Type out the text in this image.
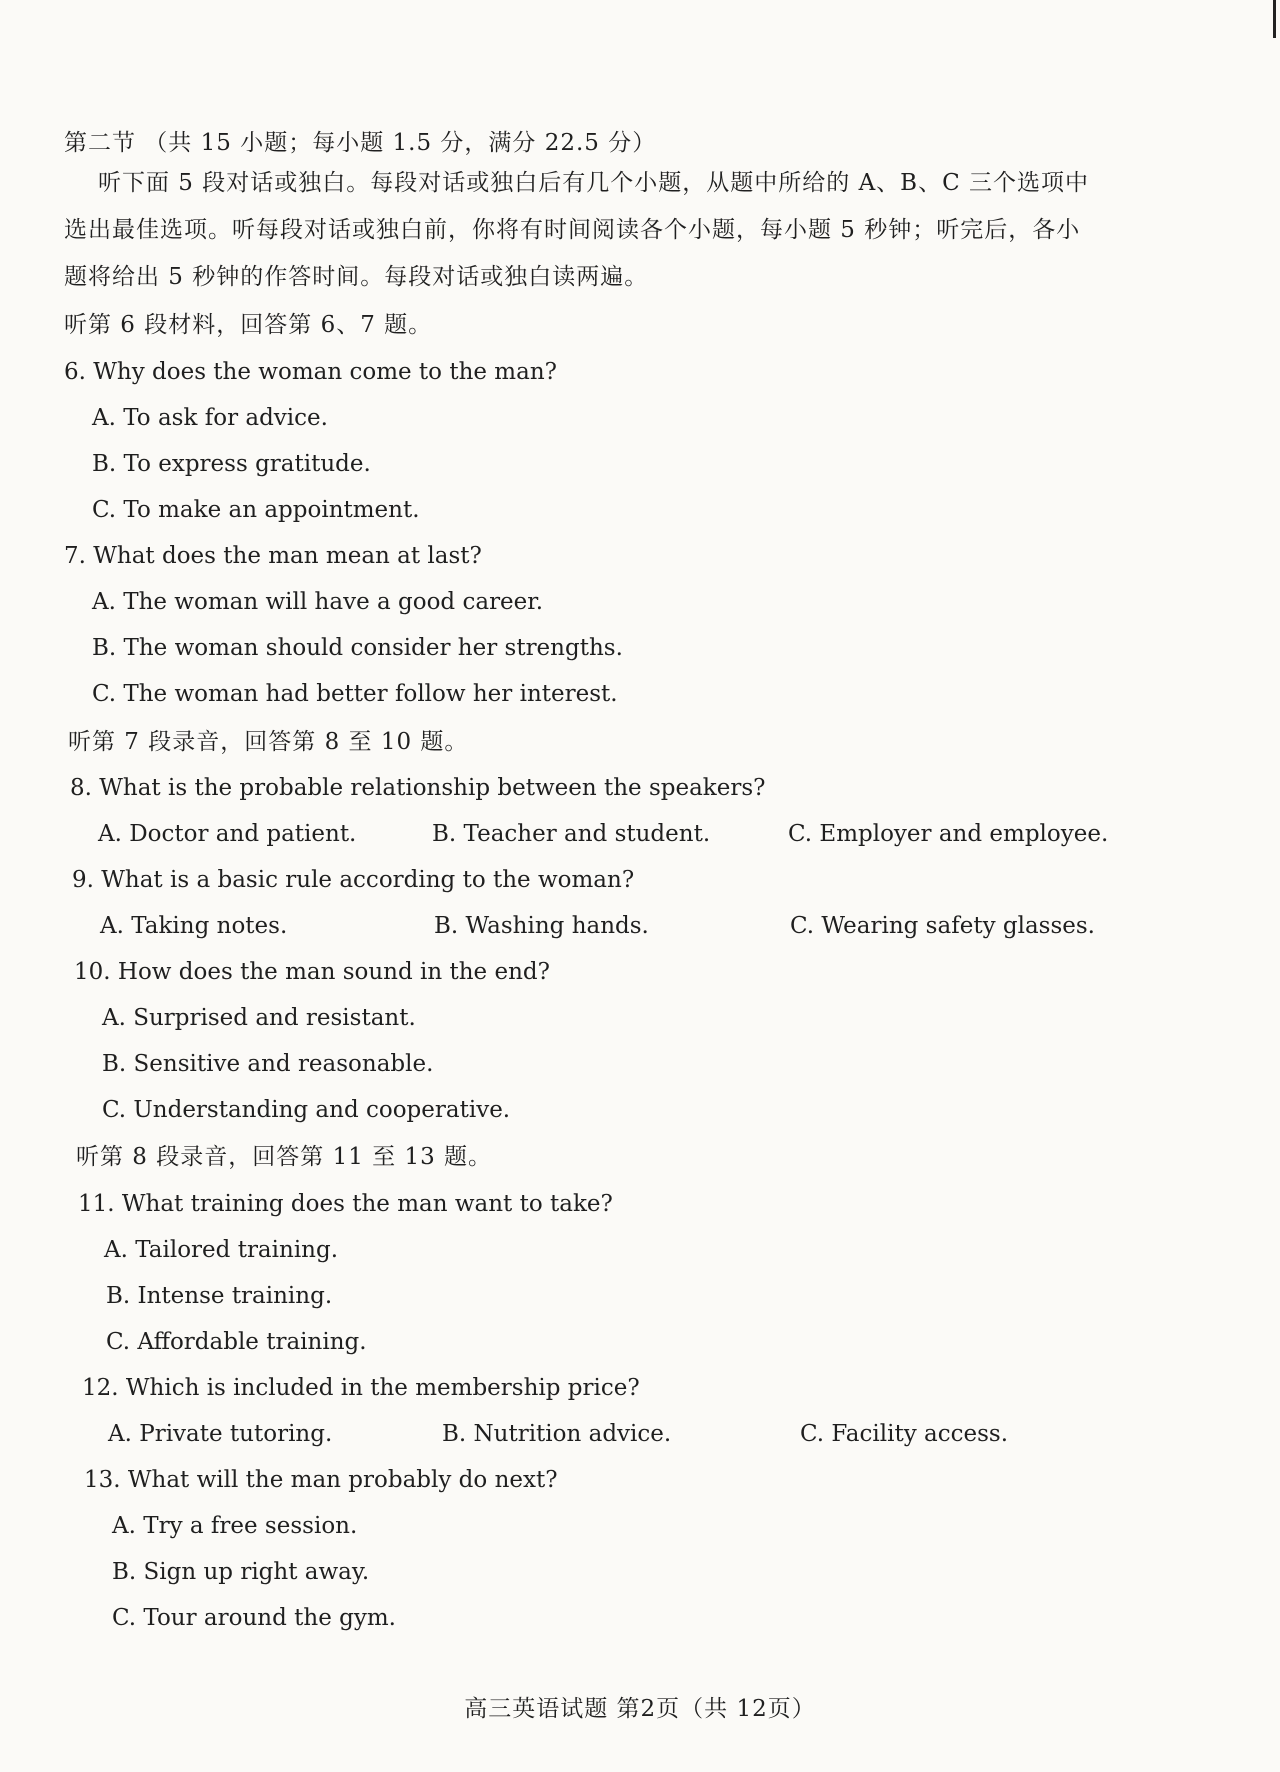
第二节 （共 15 小题；每小题 1.5 分，满分 22.5 分）
听下面 5 段对话或独白。每段对话或独白后有几个小题，从题中所给的 A、B、C 三个选项中选出最佳选项。听每段对话或独白前，你将有时间阅读各个小题，每小题 5 秒钟；听完后，各小题将给出 5 秒钟的作答时间。每段对话或独白读两遍。
听第 6 段材料，回答第 6、7 题。
6. Why does the woman come to the man?
A. To ask for advice.
B. To express gratitude.
C. To make an appointment.
7. What does the man mean at last?
A. The woman will have a good career.
B. The woman should consider her strengths.
C. The woman had better follow her interest.
听第 7 段录音，回答第 8 至 10 题。
8. What is the probable relationship between the speakers?
A. Doctor and patient.	B. Teacher and student.	C. Employer and employee.
9. What is a basic rule according to the woman?
A. Taking notes.	B. Washing hands.	C. Wearing safety glasses.
10. How does the man sound in the end?
A. Surprised and resistant.
B. Sensitive and reasonable.
C. Understanding and cooperative.
听第 8 段录音，回答第 11 至 13 题。
11. What training does the man want to take?
A. Tailored training.
B. Intense training.
C. Affordable training.
12. Which is included in the membership price?
A. Private tutoring.	B. Nutrition advice.	C. Facility access.
13. What will the man probably do next?
A. Try a free session.
B. Sign up right away.
C. Tour around the gym.
高三英语试题 第2页（共 12页）
